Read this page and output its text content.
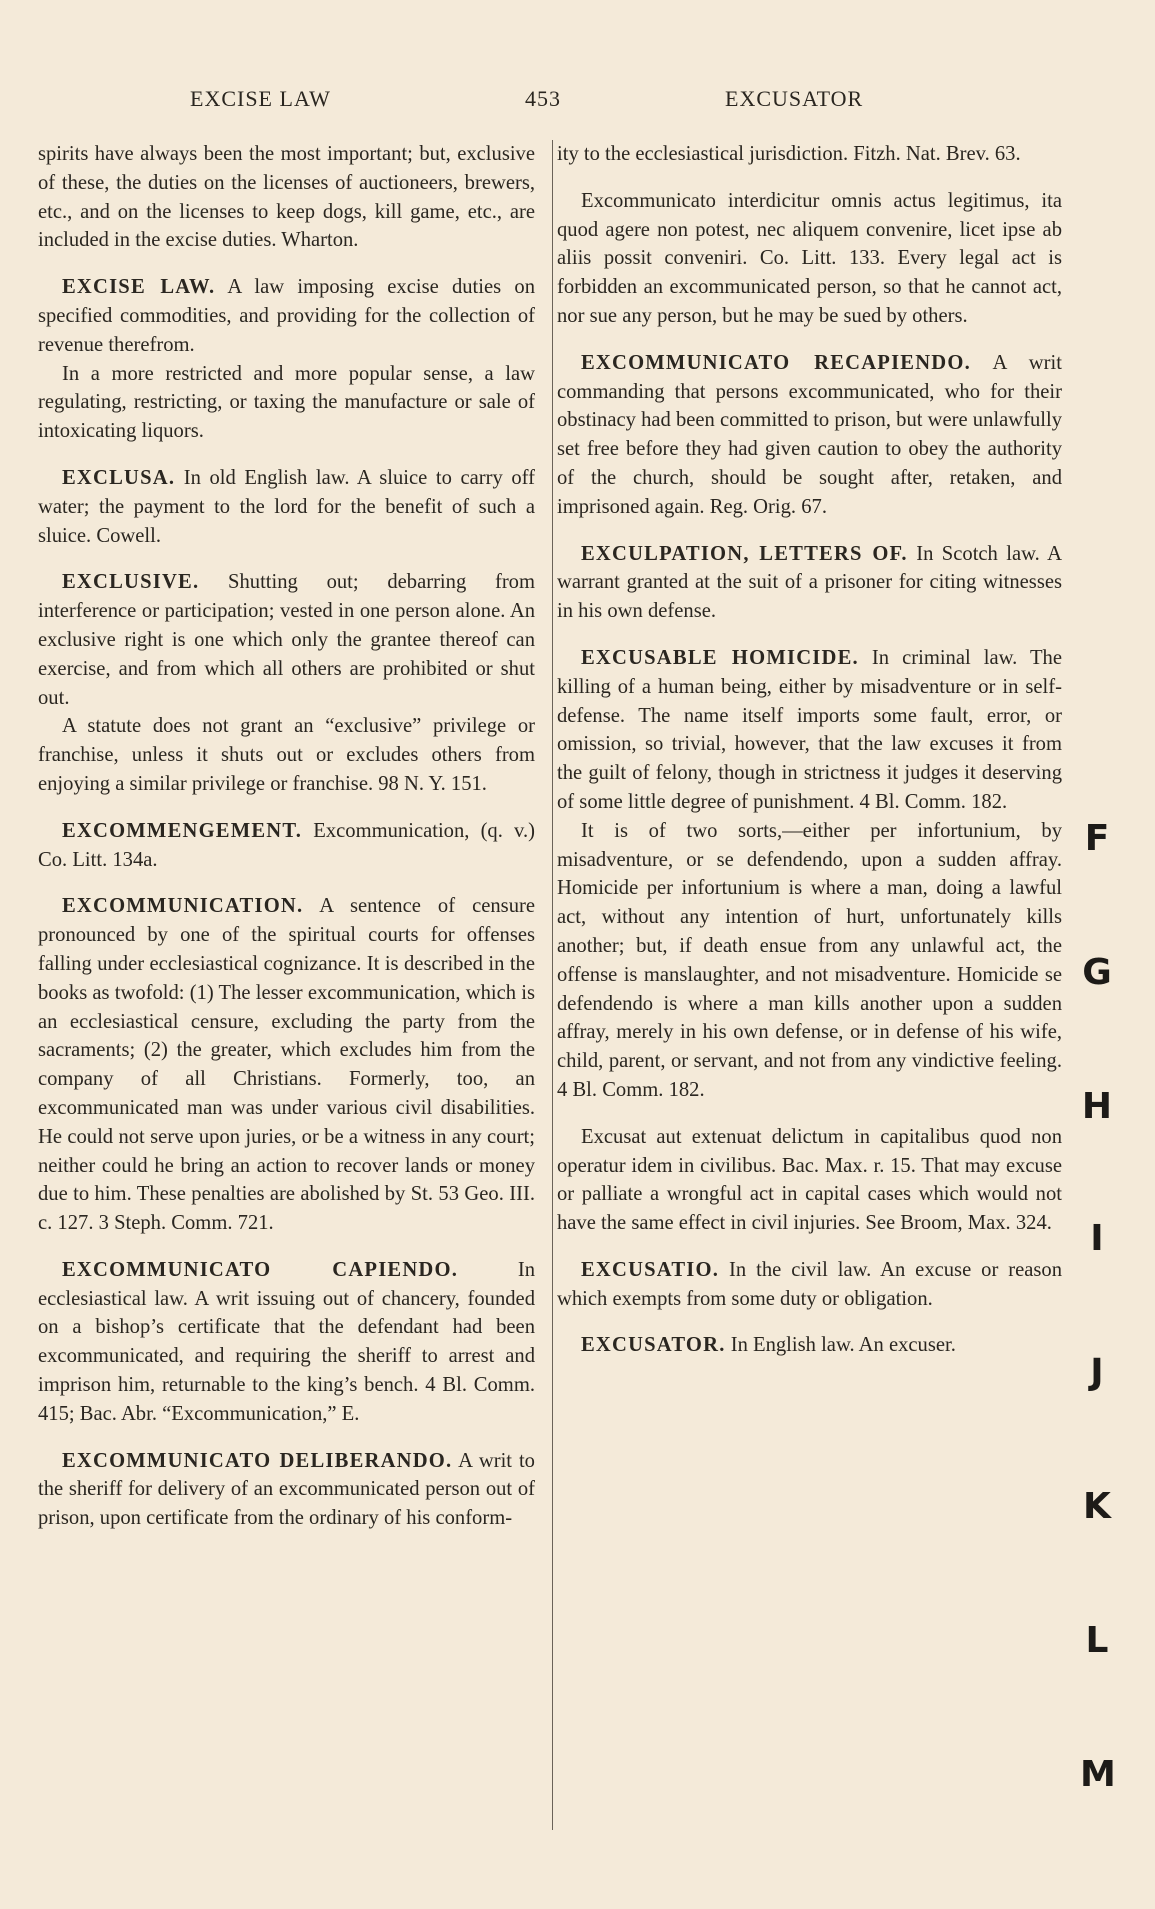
EXCISE LAW	453	EXCUSATOR

spirits have always been the most important; but, exclusive of these, the duties on the licenses of auctioneers, brewers, etc., and on the licenses to keep dogs, kill game, etc., are included in the excise duties. Wharton.

EXCISE LAW. A law imposing excise duties on specified commodities, and providing for the collection of revenue therefrom.

In a more restricted and more popular sense, a law regulating, restricting, or taxing the manufacture or sale of intoxicating liquors.

EXCLUSA. In old English law. A sluice to carry off water; the payment to the lord for the benefit of such a sluice. Cowell.

EXCLUSIVE. Shutting out; debarring from interference or participation; vested in one person alone. An exclusive right is one which only the grantee thereof can exercise, and from which all others are prohibited or shut out.

A statute does not grant an “exclusive” privilege or franchise, unless it shuts out or excludes others from enjoying a similar privilege or franchise. 98 N. Y. 151.

EXCOMMENGEMENT. Excommunication, (q. v.) Co. Litt. 134a.

EXCOMMUNICATION. A sentence of censure pronounced by one of the spiritual courts for offenses falling under ecclesiastical cognizance. It is described in the books as twofold: (1) The lesser excommunication, which is an ecclesiastical censure, excluding the party from the sacraments; (2) the greater, which excludes him from the company of all Christians. Formerly, too, an excommunicated man was under various civil disabilities. He could not serve upon juries, or be a witness in any court; neither could he bring an action to recover lands or money due to him. These penalties are abolished by St. 53 Geo. III. c. 127. 3 Steph. Comm. 721.

EXCOMMUNICATO CAPIENDO. In ecclesiastical law. A writ issuing out of chancery, founded on a bishop’s certificate that the defendant had been excommunicated, and requiring the sheriff to arrest and imprison him, returnable to the king’s bench. 4 Bl. Comm. 415; Bac. Abr. “Excommunication,” E.

EXCOMMUNICATO DELIBERANDO. A writ to the sheriff for delivery of an excommunicated person out of prison, upon certificate from the ordinary of his conform-

ity to the ecclesiastical jurisdiction. Fitzh. Nat. Brev. 63.

Excommunicato interdicitur omnis actus legitimus, ita quod agere non potest, nec aliquem convenire, licet ipse ab aliis possit conveniri. Co. Litt. 133. Every legal act is forbidden an excommunicated person, so that he cannot act, nor sue any person, but he may be sued by others.

EXCOMMUNICATO RECAPIENDO. A writ commanding that persons excommunicated, who for their obstinacy had been committed to prison, but were unlawfully set free before they had given caution to obey the authority of the church, should be sought after, retaken, and imprisoned again. Reg. Orig. 67.

EXCULPATION, LETTERS OF. In Scotch law. A warrant granted at the suit of a prisoner for citing witnesses in his own defense.

EXCUSABLE HOMICIDE. In criminal law. The killing of a human being, either by misadventure or in self-defense. The name itself imports some fault, error, or omission, so trivial, however, that the law excuses it from the guilt of felony, though in strictness it judges it deserving of some little degree of punishment. 4 Bl. Comm. 182.

It is of two sorts,—either per infortunium, by misadventure, or se defendendo, upon a sudden affray. Homicide per infortunium is where a man, doing a lawful act, without any intention of hurt, unfortunately kills another; but, if death ensue from any unlawful act, the offense is manslaughter, and not misadventure. Homicide se defendendo is where a man kills another upon a sudden affray, merely in his own defense, or in defense of his wife, child, parent, or servant, and not from any vindictive feeling. 4 Bl. Comm. 182.

Excusat aut extenuat delictum in capitalibus quod non operatur idem in civilibus. Bac. Max. r. 15. That may excuse or palliate a wrongful act in capital cases which would not have the same effect in civil injuries. See Broom, Max. 324.

EXCUSATIO. In the civil law. An excuse or reason which exempts from some duty or obligation.

EXCUSATOR. In English law. An excuser.

F
G
H
I
J
K
L
M
